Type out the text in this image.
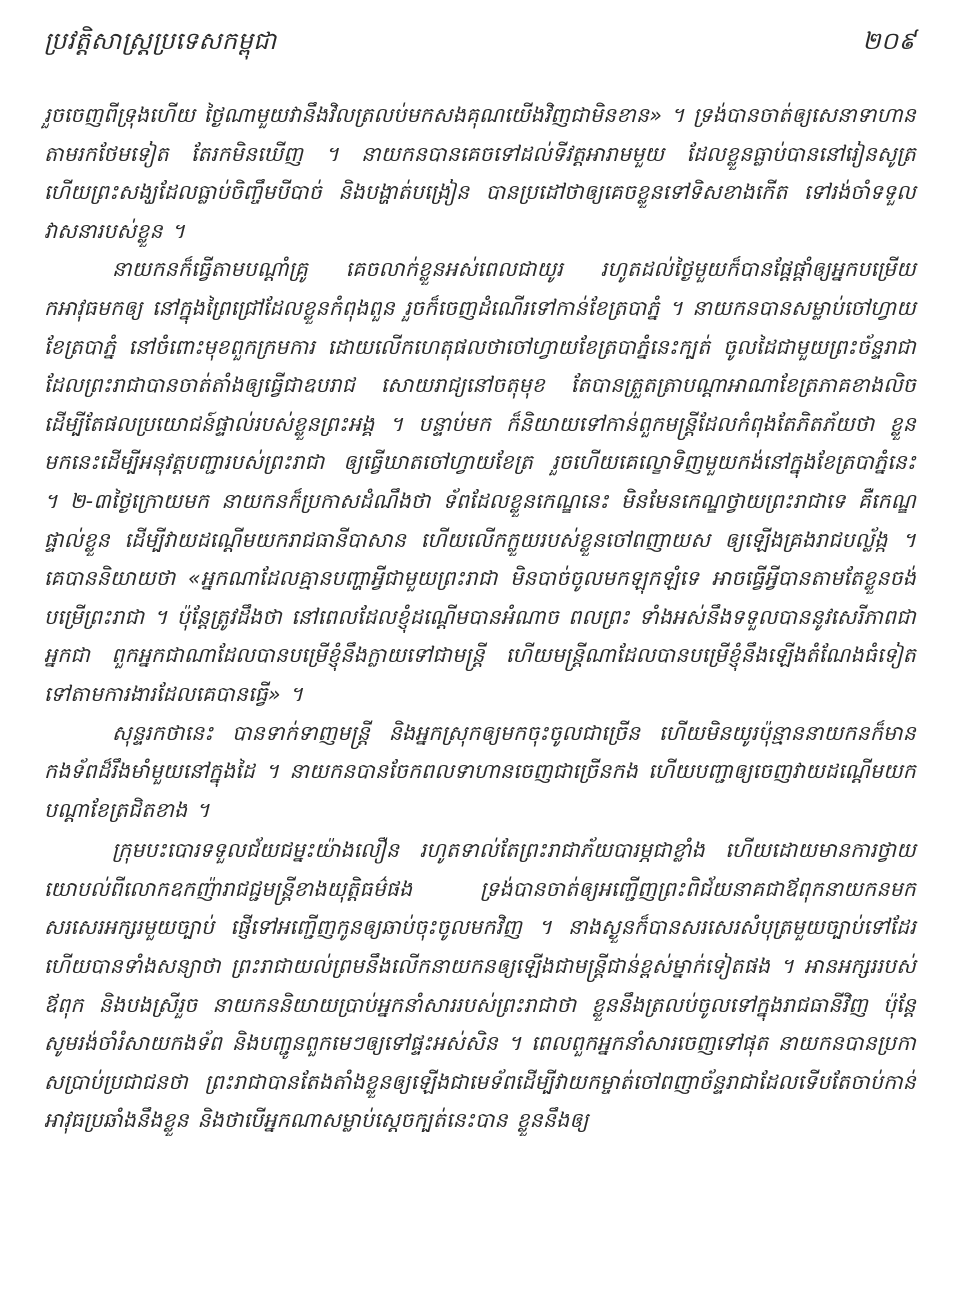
ប្រវត្តិសាស្ត្រប្រទេសកម្ពុជា	២០៩

រួចចេញពីទ្រុងហើយ ថ្ងៃណាមួយវានឹងវិលត្រលប់មកសងគុណយើងវិញជាមិនខាន» ។ ទ្រង់បានចាត់ឲ្យសេនាទាហានតាមរកថែមទៀត តែរកមិនឃើញ ។ នាយកនបានគេចទៅដល់ទីវត្តអារាមមួយ ដែលខ្លួនធ្លាប់បាននៅរៀនសូត្រ ហើយព្រះសង្ឃដែលធ្លាប់ចិញ្ចឹមបីបាច់ និងបង្ហាត់បង្រៀន បានប្រដៅថាឲ្យគេចខ្លួនទៅទិសខាងកើត ទៅរង់ចាំទទួលវាសនារបស់ខ្លួន ។

នាយកនក៏ធ្វើតាមបណ្តាំគ្រូ គេចលាក់ខ្លួនអស់ពេលជាយូរ រហូតដល់ថ្ងៃមួយក៏បានផ្ដែផ្ដាំឲ្យអ្នកបម្រើយកអាវុធមកឲ្យ នៅក្នុងព្រៃជ្រៅដែលខ្លួនកំពុងពួន រួចក៏ចេញដំណើរទៅកាន់ខែត្របាភ្នំ ។ នាយកនបានសម្លាប់ចៅហ្វាយខែត្របាភ្នំ នៅចំពោះមុខពួកក្រមការ ដោយលើកហេតុផលថាចៅហ្វាយខែត្របាភ្នំនេះក្បត់ ចូលដៃជាមួយព្រះច័ន្ទរាជា ដែលព្រះរាជាបានចាត់តាំងឲ្យធ្វើជាឧបរាជ សោយរាជ្យនៅចតុមុខ តែបានត្រួតត្រាបណ្ដាអាណាខែត្រភាគខាងលិចដើម្បីតែផលប្រយោជន៍ផ្ទាល់របស់ខ្លួនព្រះអង្គ ។ បន្ទាប់មក ក៏និយាយទៅកាន់ពួកមន្ត្រីដែលកំពុងតែភិតភ័យថា ខ្លួនមកនេះដើម្បីអនុវត្តបញ្ជារបស់ព្រះរាជា ឲ្យធ្វើឃាតចៅហ្វាយខែត្រ រួចហើយគេល្ខោទិញមួយកង់នៅក្នុងខែត្របាភ្នំនេះ ។ ២-៣ថ្ងៃក្រោយមក នាយកនក៏ប្រកាសដំណឹងថា ទ័ពដែលខ្លួនកេណ្ឌនេះ មិនមែនកេណ្ឌថ្វាយព្រះរាជាទេ គឺកេណ្ឌផ្ទាល់ខ្លួន ដើម្បីវាយដណ្តើមយករាជធានីបាសាន ហើយលើកក្លួយរបស់ខ្លួនចៅពញាយស ឲ្យឡើងគ្រងរាជបល្ល័ង្ក ។ គេបាននិយាយថា «អ្នកណាដែលគ្មានបញ្ហាអ្វីជាមួយព្រះរាជា មិនបាច់ចូលមកឡុកឡំទេ អាចធ្វើអ្វីបានតាមតែខ្លួនចង់បម្រើព្រះរាជា ។ ប៉ុន្តែត្រូវដឹងថា នៅពេលដែលខ្ញុំដណ្តើមបានអំណាច ពលព្រះ ទាំងអស់នឹងទទួលបាននូវសេរីភាពជាអ្នកជា ពួកអ្នកជាណាដែលបានបម្រើខ្ញុំនឹងក្លាយទៅជាមន្ត្រី ហើយមន្ត្រីណាដែលបានបម្រើខ្ញុំនឹងឡើងតំណែងធំទៀត ទៅតាមការងារដែលគេបានធ្វើ» ។

សុន្ទរកថានេះ បានទាក់ទាញមន្ត្រី និងអ្នកស្រុកឲ្យមកចុះចូលជាច្រើន ហើយមិនយូរប៉ុន្មាននាយកនក៏មានកងទ័ពដ៏រឹងមាំមួយនៅក្នុងដៃ ។ នាយកនបានចែកពលទាហានចេញជាច្រើនកង ហើយបញ្ជាឲ្យចេញវាយដណ្តើមយកបណ្ដាខែត្រជិតខាង ។

ក្រុមបះបោរទទួលជ័យជម្នះយ៉ាងលឿន រហូតទាល់តែព្រះរាជាភ័យបារម្ភជាខ្លាំង ហើយដោយមានការថ្វាយយោបល់ពីលោកឧកញ៉ារាជជ្ជមន្ត្រីខាងយុត្តិធម៌ផង ទ្រង់បានចាត់ឲ្យអញ្ជើញព្រះពិជ័យនាគជាឪពុកនាយកនមកសរសេរអក្សរមួយច្បាប់ ផ្ញើទៅអញ្ជើញកូនឲ្យឆាប់ចុះចូលមកវិញ ។ នាងស្ងួនក៏បានសរសេរសំបុត្រមួយច្បាប់ទៅដែរ ហើយបានទាំងសន្យាថា ព្រះរាជាយល់ព្រមនឹងលើកនាយកនឲ្យឡើងជាមន្ត្រីជាន់ខ្ពស់ម្នាក់ទៀតផង ។ អានអក្សររបស់ឪពុក និងបងស្រីរួច នាយកននិយាយប្រាប់អ្នកនាំសាររបស់ព្រះរាជាថា ខ្លួននឹងត្រលប់ចូលទៅក្នុងរាជធានីវិញ ប៉ុន្តែសូមរង់ចាំរំសាយកងទ័ព និងបញ្ជូនពួកមេៗឲ្យទៅផ្ទះអស់សិន ។ ពេលពួកអ្នកនាំសារចេញទៅផុត នាយកនបានប្រកាសប្រាប់ប្រជាជនថា ព្រះរាជាបានតែងតាំងខ្លួនឲ្យឡើងជាមេទ័ពដើម្បីវាយកម្ចាត់ចៅពញាច័ន្ទរាជាដែលទើបតែចាប់កាន់អាវុធប្រឆាំងនឹងខ្លួន និងថាបើអ្នកណាសម្លាប់ស្ដេចក្បត់នេះបាន ខ្លួននឹងឲ្យ
